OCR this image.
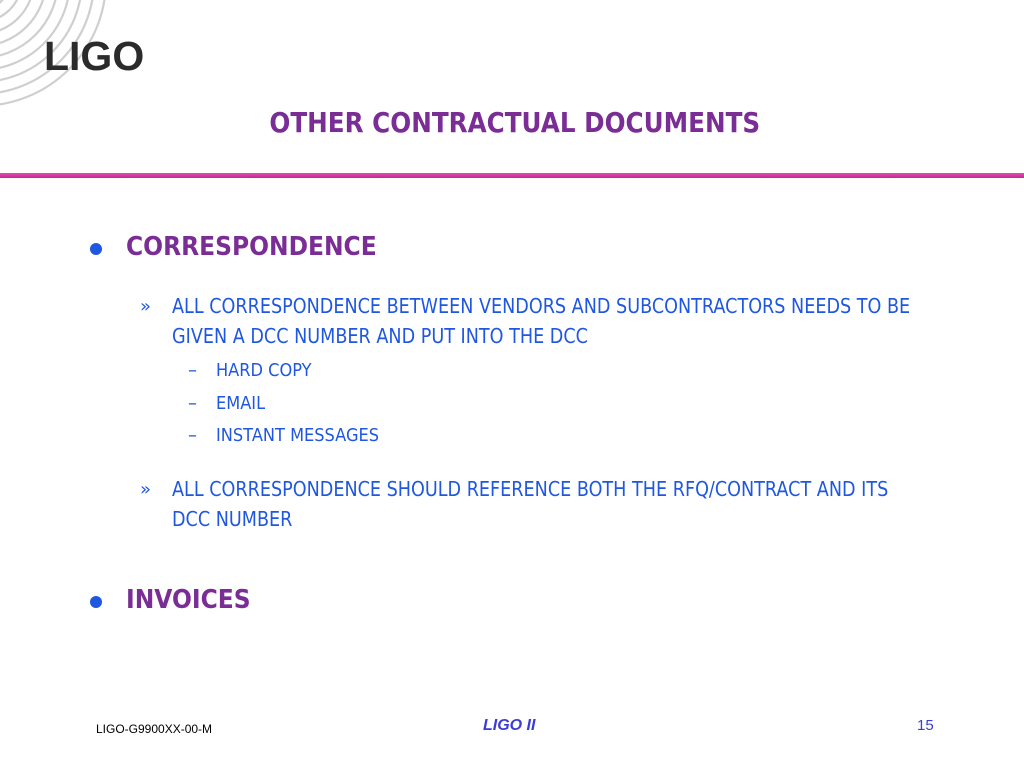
LIGO
OTHER CONTRACTUAL DOCUMENTS
CORRESPONDENCE
» ALL CORRESPONDENCE BETWEEN VENDORS AND SUBCONTRACTORS NEEDS TO BE GIVEN A DCC NUMBER AND PUT INTO THE DCC
– HARD COPY
– EMAIL
– INSTANT MESSAGES
» ALL CORRESPONDENCE SHOULD REFERENCE BOTH THE RFQ/CONTRACT AND ITS DCC NUMBER
INVOICES
LIGO-G9900XX-00-M	LIGO II	15
